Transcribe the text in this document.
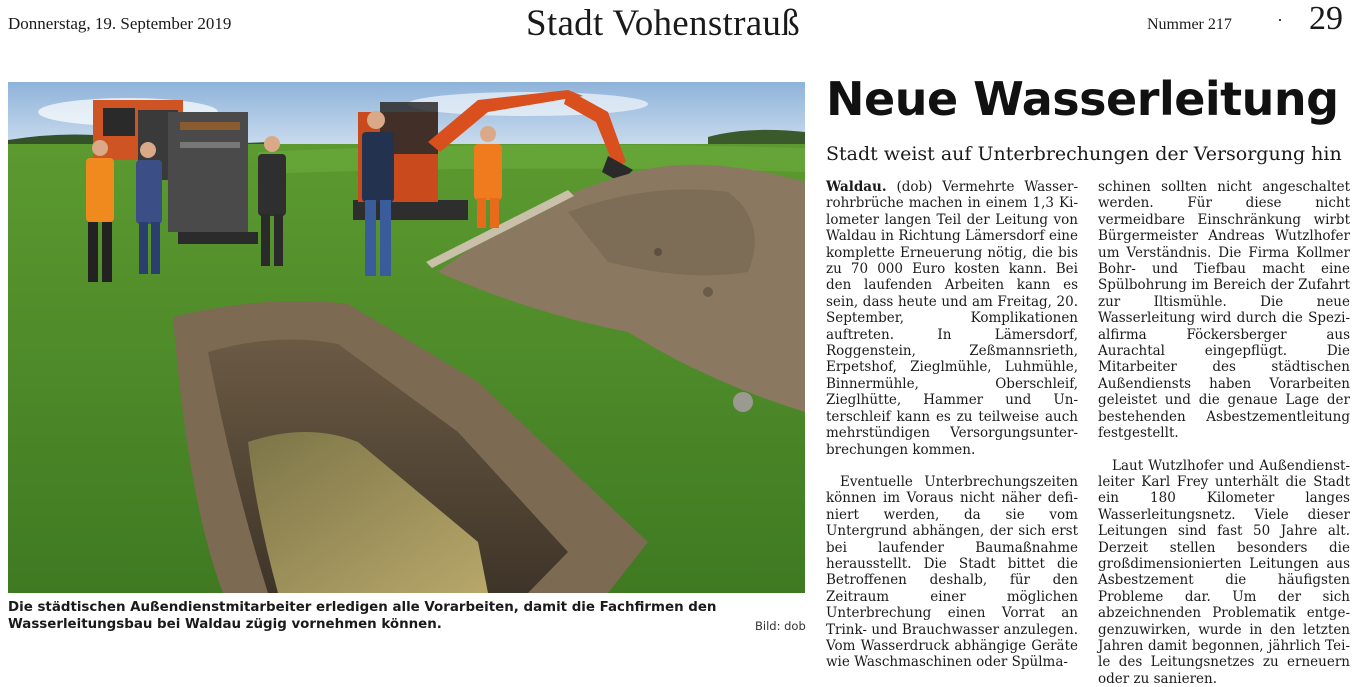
Donnerstag, 19. September 2019	Stadt Vohenstrauß	Nummer 217	· 29
Die städtischen Außendienstmitarbeiter erledigen alle Vorarbeiten, damit die Fachfirmen den Wasserleitungsbau bei Waldau zügig vornehmen können.	Bild: dob
Neue Wasserleitung
Stadt weist auf Unterbrechungen der Versorgung hin

Waldau. (dob) Vermehrte Wasserrohrbrüche machen in einem 1,3 Kilometer langen Teil der Leitung von Waldau in Richtung Lämersdorf eine komplette Erneuerung nötig, die bis zu 70 000 Euro kosten kann. Bei den laufenden Arbeiten kann es sein, dass heute und am Freitag, 20. September, Komplikationen auftreten. In Lämersdorf, Roggenstein, Zeßmannsrieth, Erpetshof, Zieglmühle, Luhmühle, Binnermühle, Oberschleif, Zieglhütte, Hammer und Unterschleif kann es zu teilweise auch mehrstündigen Versorgungsunterbrechungen kommen.

Eventuelle Unterbrechungszeiten können im Voraus nicht näher definiert werden, da sie vom Untergrund abhängen, der sich erst bei laufender Baumaßnahme herausstellt. Die Stadt bittet die Betroffenen deshalb, für den Zeitraum einer möglichen Unterbrechung einen Vorrat an Trink- und Brauchwasser anzulegen. Vom Wasserdruck abhängige Geräte wie Waschmaschinen oder Spülma-

schinen sollten nicht angeschaltet werden. Für diese nicht vermeidbare Einschränkung wirbt Bürgermeister Andreas Wutzlhofer um Verständnis. Die Firma Kollmer Bohr- und Tiefbau macht eine Spülbohrung im Bereich der Zufahrt zur Iltismühle. Die neue Wasserleitung wird durch die Spezialfirma Föckersberger aus Aurachtal eingepflügt. Die Mitarbeiter des städtischen Außendiensts haben Vorarbeiten geleistet und die genaue Lage der bestehenden Asbestzementleitung festgestellt.

Laut Wutzlhofer und Außendienstleiter Karl Frey unterhält die Stadt ein 180 Kilometer langes Wasserleitungsnetz. Viele dieser Leitungen sind fast 50 Jahre alt. Derzeit stellen besonders die großdimensionierten Leitungen aus Asbestzement die häufigsten Probleme dar. Um der sich abzeichnenden Problematik entgegenzuwirken, wurde in den letzten Jahren damit begonnen, jährlich Teile des Leitungsnetzes zu erneuern oder zu sanieren.
